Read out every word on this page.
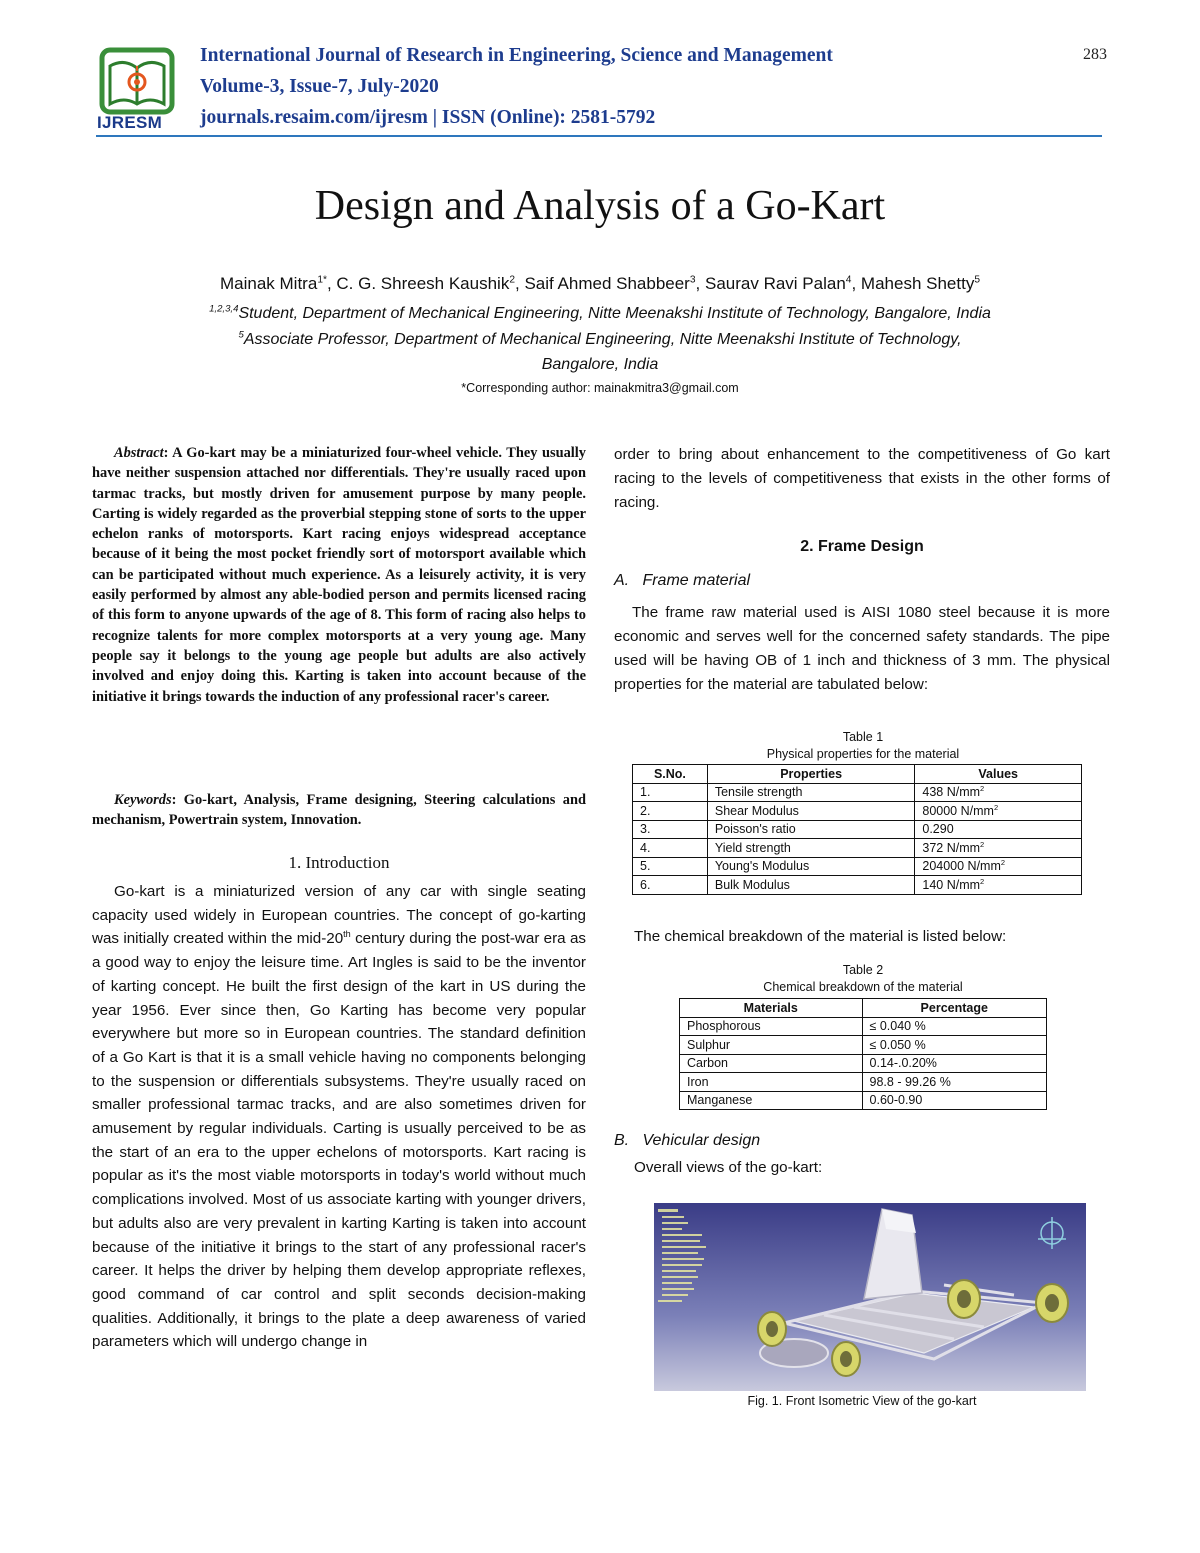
IJRESM
International Journal of Research in Engineering, Science and Management
Volume-3, Issue-7, July-2020
journals.resaim.com/ijresm | ISSN (Online): 2581-5792
283
Design and Analysis of a Go-Kart
Mainak Mitra$^{1*}$, C. G. Shreesh Kaushik$^2$, Saif Ahmed Shabbeer$^3$, Saurav Ravi Palan$^4$, Mahesh Shetty$^5$
$^{1,2,3,4}$Student, Department of Mechanical Engineering, Nitte Meenakshi Institute of Technology, Bangalore, India
$^5$Associate Professor, Department of Mechanical Engineering, Nitte Meenakshi Institute of Technology,
Bangalore, India
*Corresponding author: mainakmitra3@gmail.com
Abstract: A Go-kart may be a miniaturized four-wheel vehicle. They usually have neither suspension attached nor differentials. They're usually raced upon tarmac tracks, but mostly driven for amusement purpose by many people. Carting is widely regarded as the proverbial stepping stone of sorts to the upper echelon ranks of motorsports. Kart racing enjoys widespread acceptance because of it being the most pocket friendly sort of motorsport available which can be participated without much experience. As a leisurely activity, it is very easily performed by almost any able-bodied person and permits licensed racing of this form to anyone upwards of the age of 8. This form of racing also helps to recognize talents for more complex motorsports at a very young age. Many people say it belongs to the young age people but adults are also actively involved and enjoy doing this. Karting is taken into account because of the initiative it brings towards the induction of any professional racer's career.
Keywords: Go-kart, Analysis, Frame designing, Steering calculations and mechanism, Powertrain system, Innovation.
1. Introduction
Go-kart is a miniaturized version of any car with single seating capacity used widely in European countries. The concept of go-karting was initially created within the mid-20th century during the post-war era as a good way to enjoy the leisure time. Art Ingles is said to be the inventor of karting concept. He built the first design of the kart in US during the year 1956. Ever since then, Go Karting has become very popular everywhere but more so in European countries. The standard definition of a Go Kart is that it is a small vehicle having no components belonging to the suspension or differentials subsystems. They're usually raced on smaller professional tarmac tracks, and are also sometimes driven for amusement by regular individuals. Carting is usually perceived to be as the start of an era to the upper echelons of motorsports. Kart racing is popular as it's the most viable motorsports in today's world without much complications involved. Most of us associate karting with younger drivers, but adults also are very prevalent in karting Karting is taken into account because of the initiative it brings to the start of any professional racer's career. It helps the driver by helping them develop appropriate reflexes, good command of car control and split seconds decision-making qualities. Additionally, it brings to the plate a deep awareness of varied parameters which will undergo change in
order to bring about enhancement to the competitiveness of Go kart racing to the levels of competitiveness that exists in the other forms of racing.
2. Frame Design
A.   Frame material
The frame raw material used is AISI 1080 steel because it is more economic and serves well for the concerned safety standards. The pipe used will be having OB of 1 inch and thickness of 3 mm. The physical properties for the material are tabulated below:
Table 1
Physical properties for the material
S.No.	Properties	Values
1.	Tensile strength	438 $N/mm^2$
2.	Shear Modulus	80000 $N/mm^2$
3.	Poisson's ratio	0.290
4.	Yield strength	372 $N/mm^2$
5.	Young's Modulus	204000 $N/mm^2$
6.	Bulk Modulus	140 $N/mm^2$
The chemical breakdown of the material is listed below:
Table 2
Chemical breakdown of the material
Materials	Percentage
Phosphorous	≤ 0.040 %
Sulphur	≤ 0.050 %
Carbon	0.14-.0.20%
Iron	98.8 - 99.26 %
Manganese	0.60-0.90
B.   Vehicular design
Overall views of the go-kart:
Fig. 1. Front Isometric View of the go-kart
